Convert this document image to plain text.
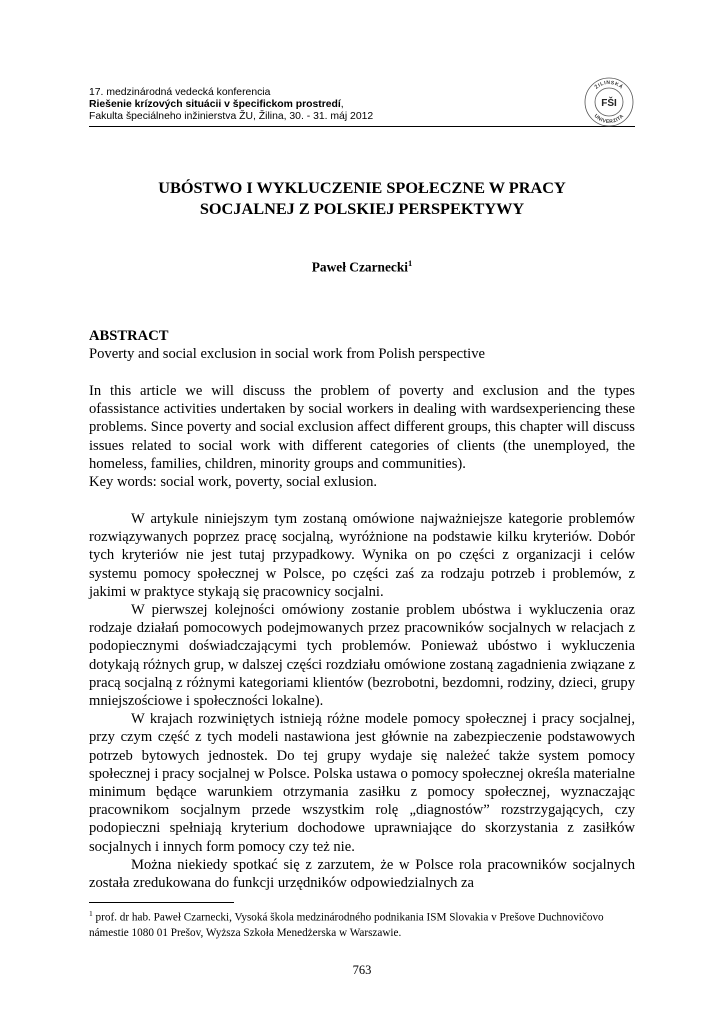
17. medzinárodná vedecká konferencia
Riešenie krízových situácii v špecifickom prostredí,
Fakulta špeciálneho inžinierstva ŽU, Žilina, 30. - 31. máj 2012
ŽILINSKÁ
UNIVERZITA
FŠI
UBÓSTWO I WYKLUCZENIE SPOŁECZNE W PRACY
SOCJALNEJ Z POLSKIEJ PERSPEKTYWY
Paweł Czarnecki$^1$
ABSTRACT
Poverty and social exclusion in social work from Polish perspective

In this article we will discuss the problem of poverty and exclusion and the types ofassistance activities undertaken by social workers in dealing with wardsexperiencing these problems. Since poverty and social exclusion affect different groups, this chapter will discuss issues related to social work with different categories of clients (the unemployed, the homeless, families, children, minority groups and communities).

Key words: social work, poverty, social exlusion.

W artykule niniejszym tym zostaną omówione najważniejsze kategorie problemów rozwiązywanych poprzez pracę socjalną, wyróżnione na podstawie kilku kryteriów. Dobór tych kryteriów nie jest tutaj przypadkowy. Wynika on po części z organizacji i celów systemu pomocy społecznej w Polsce, po części zaś za rodzaju potrzeb i problemów, z jakimi w praktyce stykają się pracownicy socjalni.

W pierwszej kolejności omówiony zostanie problem ubóstwa i wykluczenia oraz rodzaje działań pomocowych podejmowanych przez pracowników socjalnych w relacjach z podopiecznymi doświadczającymi tych problemów. Ponieważ ubóstwo i wykluczenia dotykają różnych grup, w dalszej części rozdziału omówione zostaną zagadnienia związane z pracą socjalną z różnymi kategoriami klientów (bezrobotni, bezdomni, rodziny, dzieci, grupy mniejszościowe i społeczności lokalne).

W krajach rozwiniętych istnieją różne modele pomocy społecznej i pracy socjalnej, przy czym część z tych modeli nastawiona jest głównie na zabezpieczenie podstawowych potrzeb bytowych jednostek. Do tej grupy wydaje się należeć także system pomocy społecznej i pracy socjalnej w Polsce. Polska ustawa o pomocy społecznej określa materialne minimum będące warunkiem otrzymania zasiłku z pomocy społecznej, wyznaczając pracownikom socjalnym przede wszystkim rolę „diagnostów” rozstrzygających, czy podopieczni spełniają kryterium dochodowe uprawniające do skorzystania z zasiłków socjalnych i innych form pomocy czy też nie.

Można niekiedy spotkać się z zarzutem, że w Polsce rola pracowników socjalnych została zredukowana do funkcji urzędników odpowiedzialnych za

$^1$ prof. dr hab. Paweł Czarnecki, Vysoká škola medzinárodného podnikania ISM Slovakia v Prešove Duchnovičovo námestie 1080 01 Prešov, Wyższa Szkoła Menedżerska w Warszawie.
763
